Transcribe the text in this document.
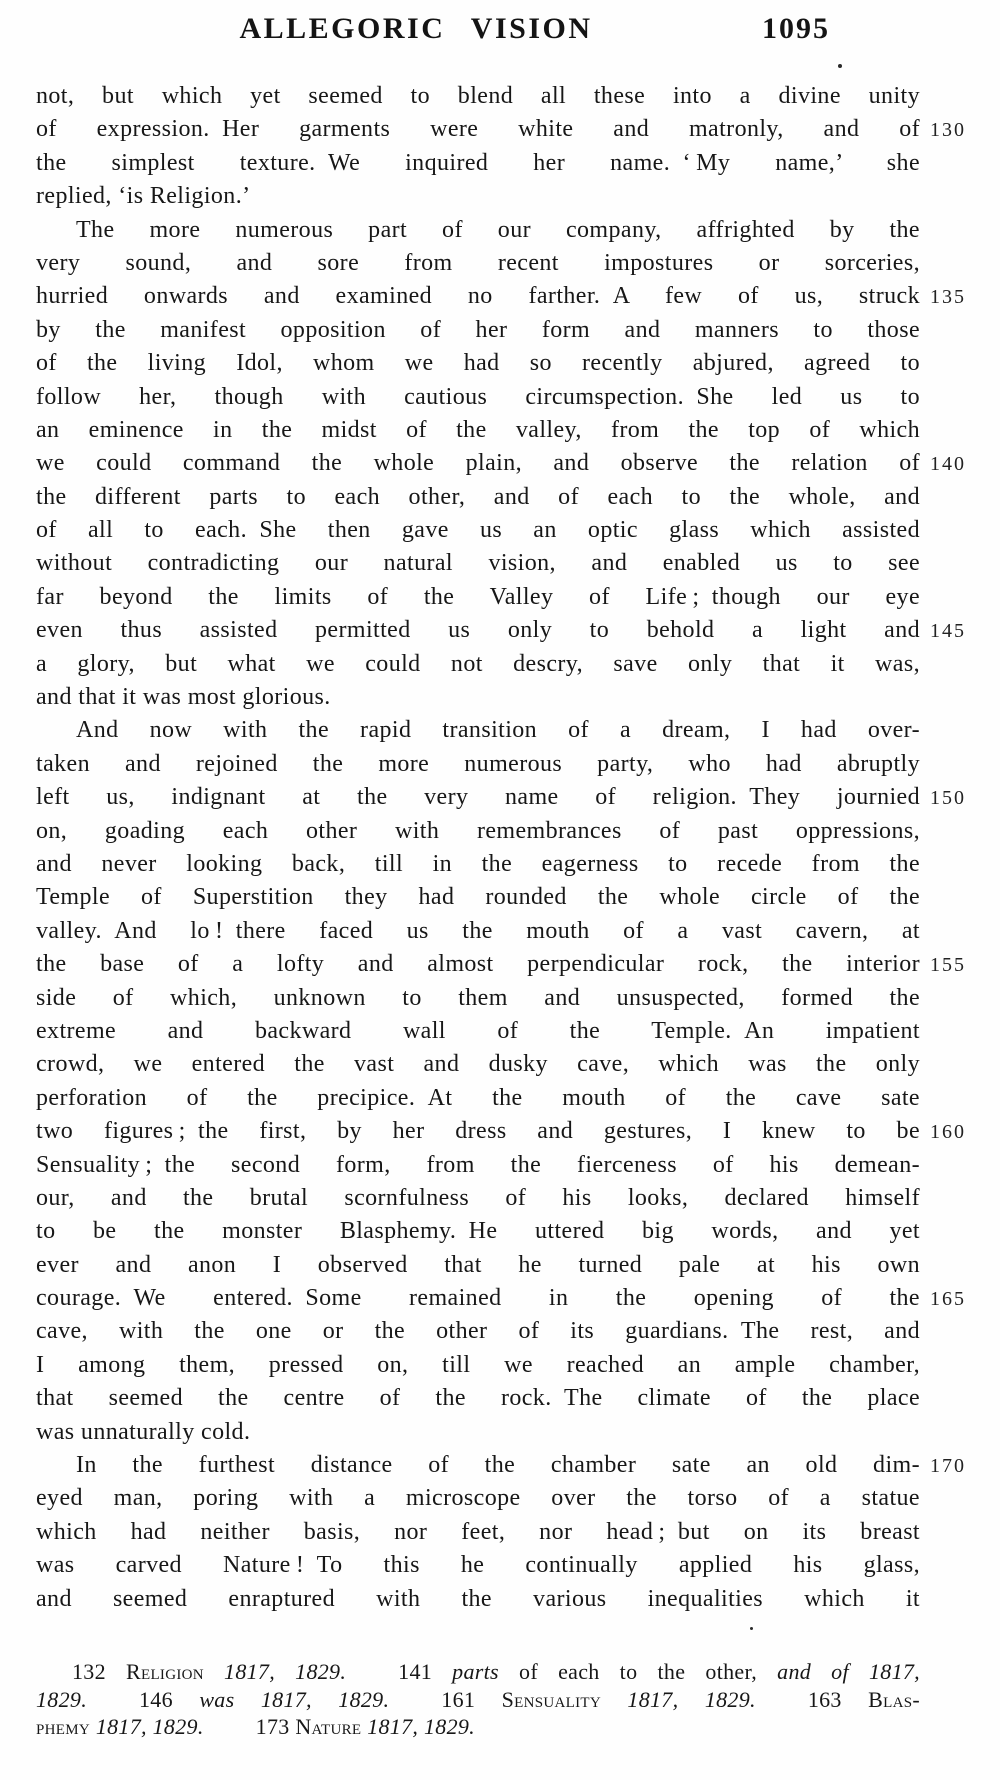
ALLEGORIC VISION	1095
not, but which yet seemed to blend all these into a divine unity
of expression. Her garments were white and matronly, and of 130
the simplest texture. We inquired her name. ‘ My name,’ she
replied, ‘is Religion.’
The more numerous part of our company, affrighted by the
very sound, and sore from recent impostures or sorceries,
hurried onwards and examined no farther. A few of us, struck 135
by the manifest opposition of her form and manners to those
of the living Idol, whom we had so recently abjured, agreed to
follow her, though with cautious circumspection. She led us to
an eminence in the midst of the valley, from the top of which
we could command the whole plain, and observe the relation of 140
the different parts to each other, and of each to the whole, and
of all to each. She then gave us an optic glass which assisted
without contradicting our natural vision, and enabled us to see
far beyond the limits of the Valley of Life ; though our eye
even thus assisted permitted us only to behold a light and 145
a glory, but what we could not descry, save only that it was,
and that it was most glorious.
And now with the rapid transition of a dream, I had over-
taken and rejoined the more numerous party, who had abruptly
left us, indignant at the very name of religion. They journied 150
on, goading each other with remembrances of past oppressions,
and never looking back, till in the eagerness to recede from the
Temple of Superstition they had rounded the whole circle of the
valley. And lo ! there faced us the mouth of a vast cavern, at
the base of a lofty and almost perpendicular rock, the interior 155
side of which, unknown to them and unsuspected, formed the
extreme and backward wall of the Temple. An impatient
crowd, we entered the vast and dusky cave, which was the only
perforation of the precipice. At the mouth of the cave sate
two figures ; the first, by her dress and gestures, I knew to be 160
Sensuality ; the second form, from the fierceness of his demean-
our, and the brutal scornfulness of his looks, declared himself
to be the monster Blasphemy. He uttered big words, and yet
ever and anon I observed that he turned pale at his own
courage. We entered. Some remained in the opening of the 165
cave, with the one or the other of its guardians. The rest, and
I among them, pressed on, till we reached an ample chamber,
that seemed the centre of the rock. The climate of the place
was unnaturally cold.
In the furthest distance of the chamber sate an old dim- 170
eyed man, poring with a microscope over the torso of a statue
which had neither basis, nor feet, nor head ; but on its breast
was carved Nature ! To this he continually applied his glass,
and seemed enraptured with the various inequalities which it
132 Religion 1817, 1829. 141 parts of each to the other, and of 1817,
1829. 146 was 1817, 1829. 161 Sensuality 1817, 1829. 163 Blas-
phemy 1817, 1829. 173 Nature 1817, 1829.
